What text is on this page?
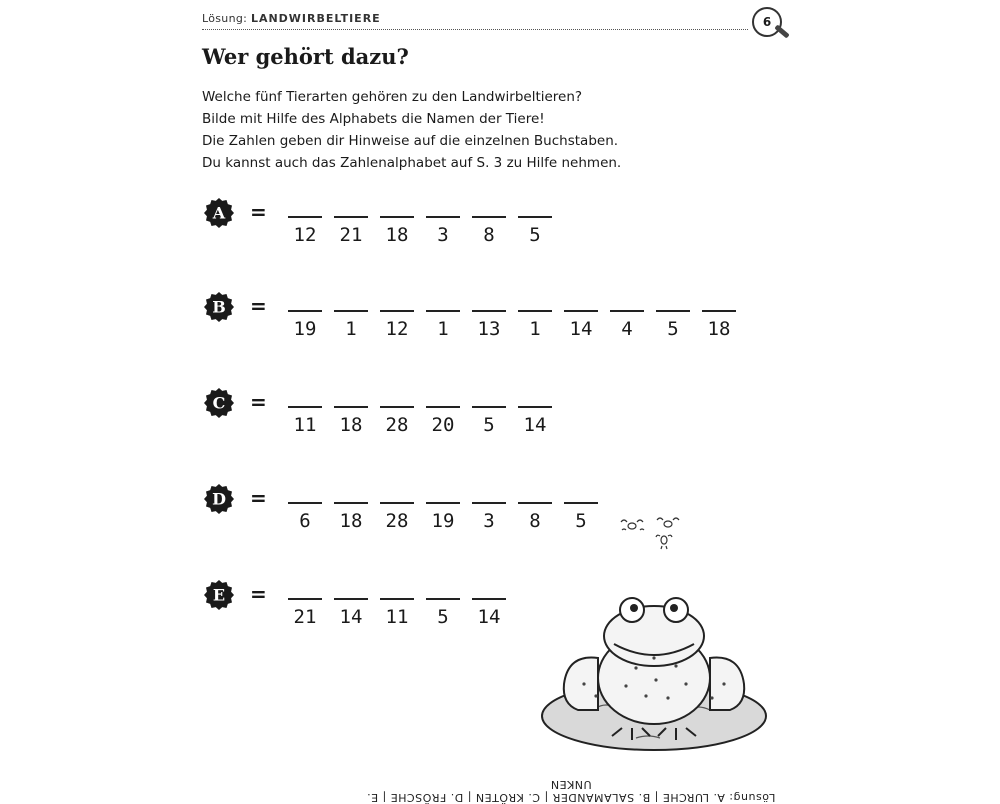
Lösung: LANDWIRBELTIERE	6
Wer gehört dazu?
Welche fünf Tierarten gehören zu den Landwirbeltieren?
Bilde mit Hilfe des Alphabets die Namen der Tiere!
Die Zahlen geben dir Hinweise auf die einzelnen Buchstaben.
Du kannst auch das Zahlenalphabet auf S. 3 zu Hilfe nehmen.
A =
12	21	18	3	8	5
B =
19	1	12	1	13	1	14	4	5	18
C =
11	18	28	20	5	14
D =
6	18	28	19	3	8	5
E =
21	14	11	5	14
Lösung: A. LURCHE | B. SALAMANDER | C. KRÖTEN | D. FRÖSCHE | E. UNKEN
